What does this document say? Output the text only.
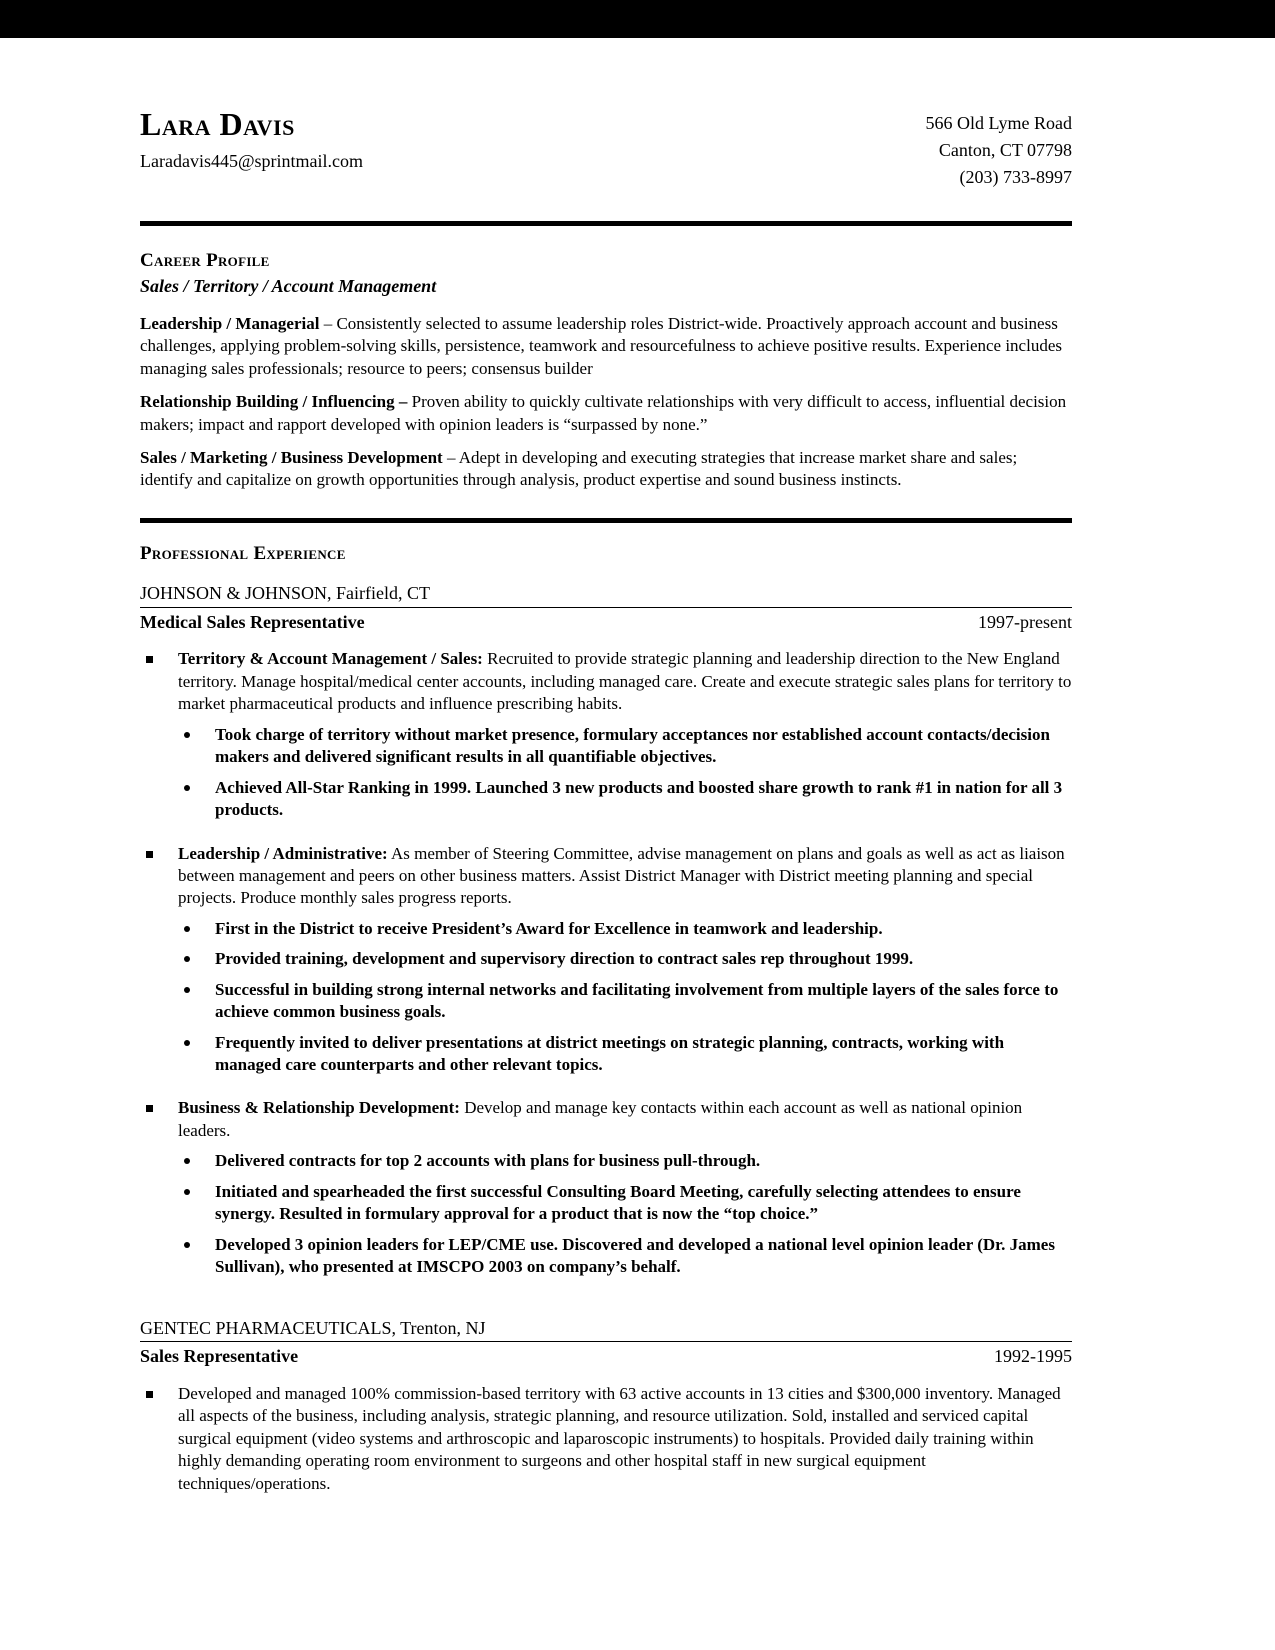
Lara Davis
Laradavis445@sprintmail.com
566 Old Lyme Road
Canton, CT 07798
(203) 733-8997
Career Profile
Sales / Territory / Account Management

Leadership / Managerial – Consistently selected to assume leadership roles District-wide. Proactively approach account and business challenges, applying problem-solving skills, persistence, teamwork and resourcefulness to achieve positive results. Experience includes managing sales professionals; resource to peers; consensus builder

Relationship Building / Influencing – Proven ability to quickly cultivate relationships with very difficult to access, influential decision makers; impact and rapport developed with opinion leaders is “surpassed by none.”

Sales / Marketing / Business Development – Adept in developing and executing strategies that increase market share and sales; identify and capitalize on growth opportunities through analysis, product expertise and sound business instincts.

Professional Experience
JOHNSON & JOHNSON, Fairfield, CT
Medical Sales Representative	1997-present
Territory & Account Management / Sales: Recruited to provide strategic planning and leadership direction to the New England territory. Manage hospital/medical center accounts, including managed care. Create and execute strategic sales plans for territory to market pharmaceutical products and influence prescribing habits.
Took charge of territory without market presence, formulary acceptances nor established account contacts/decision makers and delivered significant results in all quantifiable objectives.
Achieved All-Star Ranking in 1999. Launched 3 new products and boosted share growth to rank #1 in nation for all 3 products.
Leadership / Administrative: As member of Steering Committee, advise management on plans and goals as well as act as liaison between management and peers on other business matters. Assist District Manager with District meeting planning and special projects. Produce monthly sales progress reports.
First in the District to receive President’s Award for Excellence in teamwork and leadership.
Provided training, development and supervisory direction to contract sales rep throughout 1999.
Successful in building strong internal networks and facilitating involvement from multiple layers of the sales force to achieve common business goals.
Frequently invited to deliver presentations at district meetings on strategic planning, contracts, working with managed care counterparts and other relevant topics.
Business & Relationship Development: Develop and manage key contacts within each account as well as national opinion leaders.
Delivered contracts for top 2 accounts with plans for business pull-through.
Initiated and spearheaded the first successful Consulting Board Meeting, carefully selecting attendees to ensure synergy. Resulted in formulary approval for a product that is now the “top choice.”
Developed 3 opinion leaders for LEP/CME use. Discovered and developed a national level opinion leader (Dr. James Sullivan), who presented at IMSCPO 2003 on company’s behalf.
GENTEC PHARMACEUTICALS, Trenton, NJ
Sales Representative	1992-1995
Developed and managed 100% commission-based territory with 63 active accounts in 13 cities and $300,000 inventory. Managed all aspects of the business, including analysis, strategic planning, and resource utilization. Sold, installed and serviced capital surgical equipment (video systems and arthroscopic and laparoscopic instruments) to hospitals. Provided daily training within highly demanding operating room environment to surgeons and other hospital staff in new surgical equipment techniques/operations.
